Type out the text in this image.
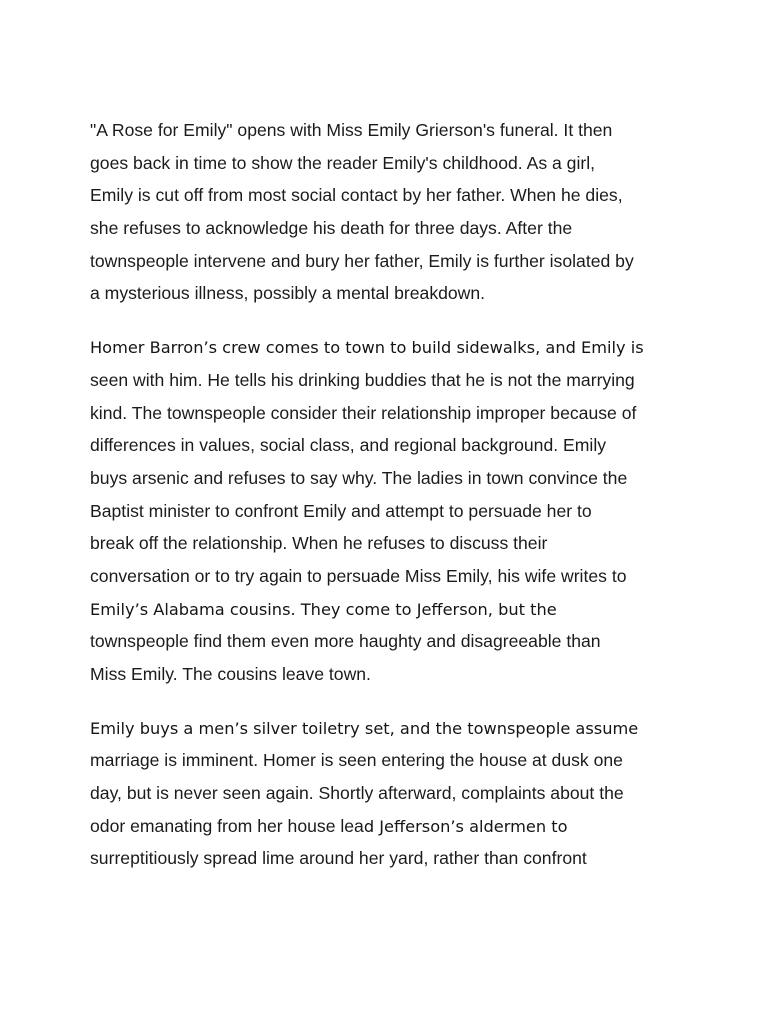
"A Rose for Emily" opens with Miss Emily Grierson's funeral. It then
goes back in time to show the reader Emily's childhood. As a girl,
Emily is cut off from most social contact by her father. When he dies,
she refuses to acknowledge his death for three days. After the
townspeople intervene and bury her father, Emily is further isolated by
a mysterious illness, possibly a mental breakdown.
Homer Barron’s crew comes to town to build sidewalks, and Emily is
seen with him. He tells his drinking buddies that he is not the marrying
kind. The townspeople consider their relationship improper because of
differences in values, social class, and regional background. Emily
buys arsenic and refuses to say why. The ladies in town convince the
Baptist minister to confront Emily and attempt to persuade her to
break off the relationship. When he refuses to discuss their
conversation or to try again to persuade Miss Emily, his wife writes to
Emily’s Alabama cousins. They come to Jefferson, but the
townspeople find them even more haughty and disagreeable than
Miss Emily. The cousins leave town.
Emily buys a men’s silver toiletry set, and the townspeople assume
marriage is imminent. Homer is seen entering the house at dusk one
day, but is never seen again. Shortly afterward, complaints about the
odor emanating from her house lead Jefferson’s aldermen to
surreptitiously spread lime around her yard, rather than confront
